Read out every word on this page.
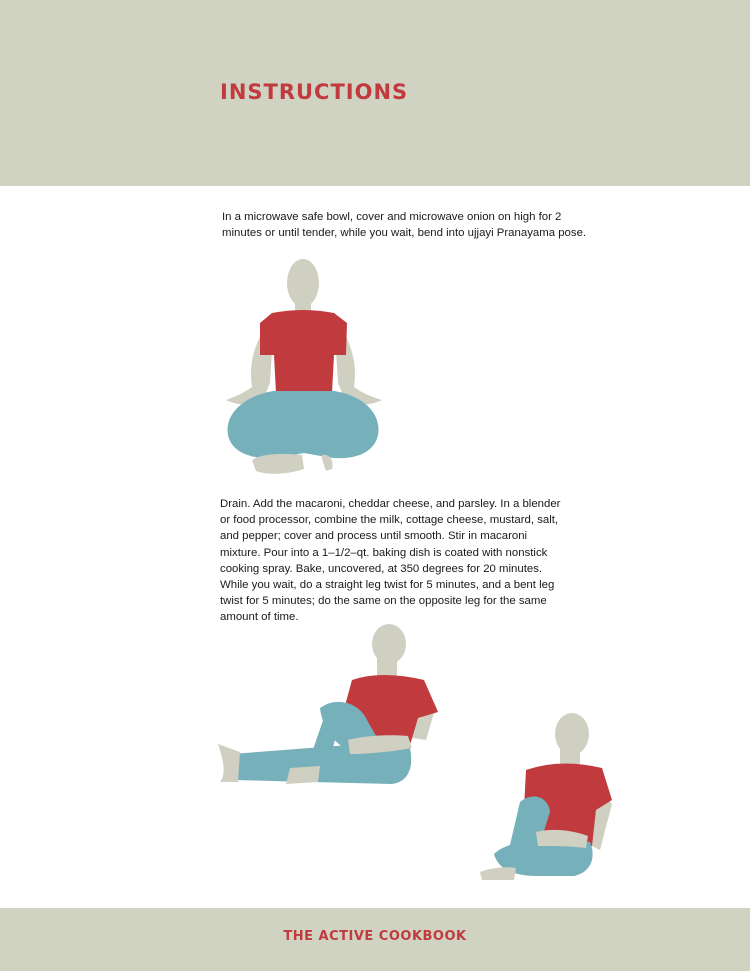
INSTRUCTIONS

In a microwave safe bowl, cover and microwave onion on high for 2 minutes or until tender, while you wait, bend into ujjayi Pranayama pose.

Drain. Add the macaroni, cheddar cheese, and parsley. In a blender or food processor, combine the milk, cottage cheese, mustard, salt, and pepper; cover and process until smooth. Stir in macaroni mixture. Pour into a 1–1/2–qt. baking dish is coated with nonstick cooking spray. Bake, uncovered, at 350 degrees for 20 minutes. While you wait, do a straight leg twist for 5 minutes, and a bent leg twist for 5 minutes; do the same on the opposite leg for the same amount of time.

THE ACTIVE COOKBOOK
